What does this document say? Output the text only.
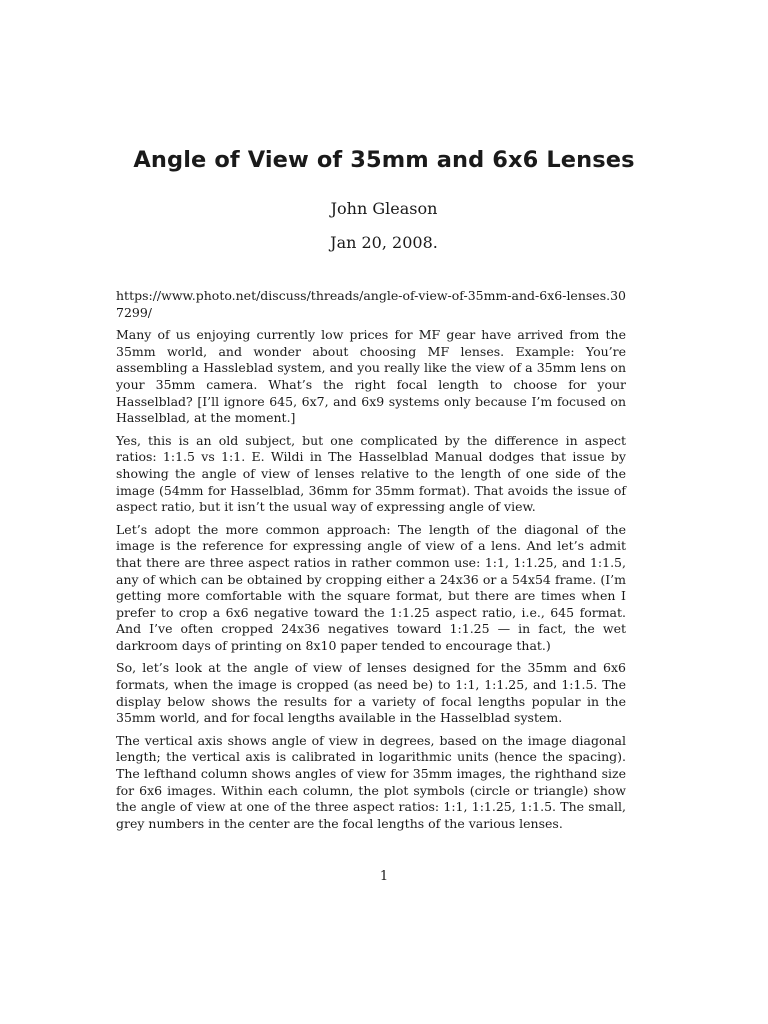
Angle of View of 35mm and 6x6 Lenses
John Gleason
Jan 20, 2008.

https://www.photo.net/discuss/threads/angle-of-view-of-35mm-and-6x6-lenses.307299/

Many of us enjoying currently low prices for MF gear have arrived from the 35mm world, and wonder about choosing MF lenses. Example: You’re assembling a Hassleblad system, and you really like the view of a 35mm lens on your 35mm camera. What’s the right focal length to choose for your Hasselblad? [I’ll ignore 645, 6x7, and 6x9 systems only because I’m focused on Hasselblad, at the moment.]

Yes, this is an old subject, but one complicated by the difference in aspect ratios: 1:1.5 vs 1:1. E. Wildi in The Hasselblad Manual dodges that issue by showing the angle of view of lenses relative to the length of one side of the image (54mm for Hasselblad, 36mm for 35mm format). That avoids the issue of aspect ratio, but it isn’t the usual way of expressing angle of view.

Let’s adopt the more common approach: The length of the diagonal of the image is the reference for expressing angle of view of a lens. And let’s admit that there are three aspect ratios in rather common use: 1:1, 1:1.25, and 1:1.5, any of which can be obtained by cropping either a 24x36 or a 54x54 frame. (I’m getting more comfortable with the square format, but there are times when I prefer to crop a 6x6 negative toward the 1:1.25 aspect ratio, i.e., 645 format. And I’ve often cropped 24x36 negatives toward 1:1.25 — in fact, the wet darkroom days of printing on 8x10 paper tended to encourage that.)

So, let’s look at the angle of view of lenses designed for the 35mm and 6x6 formats, when the image is cropped (as need be) to 1:1, 1:1.25, and 1:1.5. The display below shows the results for a variety of focal lengths popular in the 35mm world, and for focal lengths available in the Hasselblad system.

The vertical axis shows angle of view in degrees, based on the image diagonal length; the vertical axis is calibrated in logarithmic units (hence the spacing). The lefthand column shows angles of view for 35mm images, the righthand size for 6x6 images. Within each column, the plot symbols (circle or triangle) show the angle of view at one of the three aspect ratios: 1:1, 1:1.25, 1:1.5. The small, grey numbers in the center are the focal lengths of the various lenses.

1
